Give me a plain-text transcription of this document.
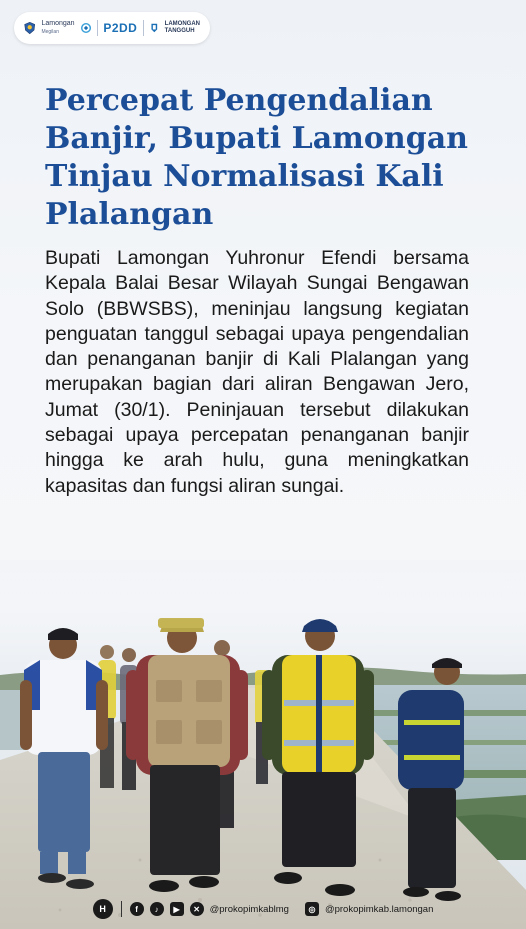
Lamongan
Megilan	P2DD	LAMONGAN
TANGGUH
Percepat Pengendalian Banjir, Bupati Lamongan Tinjau Normalisasi Kali Plalangan

Bupati Lamongan Yuhronur Efendi bersama Kepala Balai Besar Wilayah Sungai Bengawan Solo (BBWSBS), meninjau langsung kegiatan penguatan tanggul sebagai upaya pengendalian dan penanganan banjir di Kali Plalangan yang merupakan bagian dari aliran Bengawan Jero, Jumat (30/1). Peninjauan tersebut dilakukan sebagai upaya percepatan penanganan banjir hingga ke arah hulu, guna meningkatkan kapasitas dan fungsi aliran sungai.

H	f	♪	▶	✕	@prokopimkablmg	◎	@prokopimkab.lamongan
